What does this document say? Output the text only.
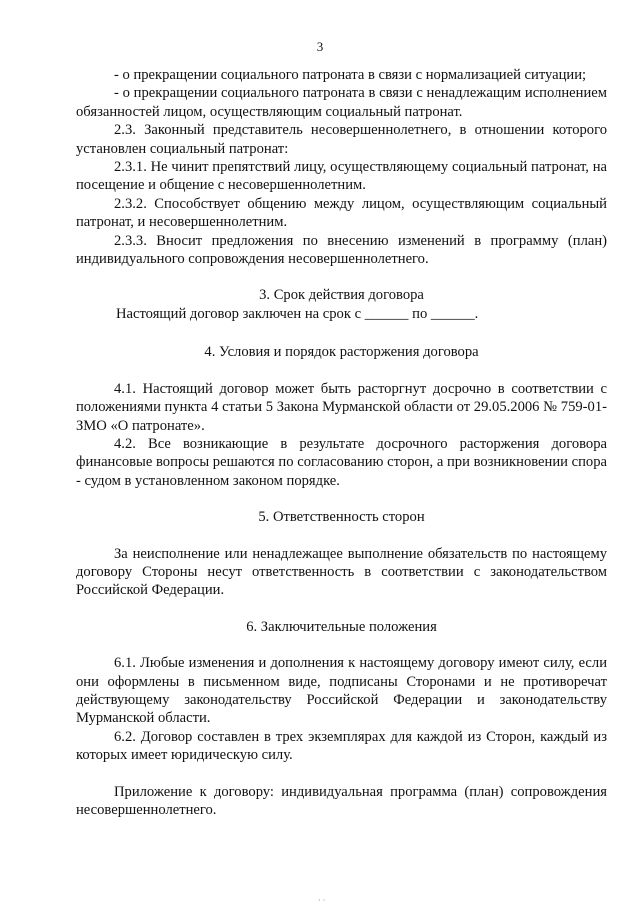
3

- о прекращении социального патроната в связи с нормализацией ситуации;

- о прекращении социального патроната в связи с ненадлежащим исполнением обязанностей лицом, осуществляющим социальный патронат.

2.3. Законный представитель несовершеннолетнего, в отношении которого установлен социальный патронат:

2.3.1. Не чинит препятствий лицу, осуществляющему социальный патронат, на посещение и общение с несовершеннолетним.

2.3.2. Способствует общению между лицом, осуществляющим социальный патронат, и несовершеннолетним.

2.3.3. Вносит предложения по внесению изменений в программу (план) индивидуального сопровождения несовершеннолетнего.

3. Срок действия договора

Настоящий договор заключен на срок с ______ по ______.

4. Условия и порядок расторжения договора

4.1. Настоящий договор может быть расторгнут досрочно в соответствии с положениями пункта 4 статьи 5 Закона Мурманской области от 29.05.2006 № 759-01-ЗМО «О патронате».

4.2. Все возникающие в результате досрочного расторжения договора финансовые вопросы решаются по согласованию сторон, а при возникновении спора - судом в установленном законом порядке.

5. Ответственность сторон

За неисполнение или ненадлежащее выполнение обязательств по настоящему договору Стороны несут ответственность в соответствии с законодательством Российской Федерации.

6. Заключительные положения

6.1. Любые изменения и дополнения к настоящему договору имеют силу, если они оформлены в письменном виде, подписаны Сторонами и не противоречат действующему законодательству Российской Федерации и законодательству Мурманской области.

6.2. Договор составлен в трех экземплярах для каждой из Сторон, каждый из которых имеет юридическую силу.

Приложение к договору: индивидуальная программа (план) сопровождения несовершеннолетнего.

· ·
